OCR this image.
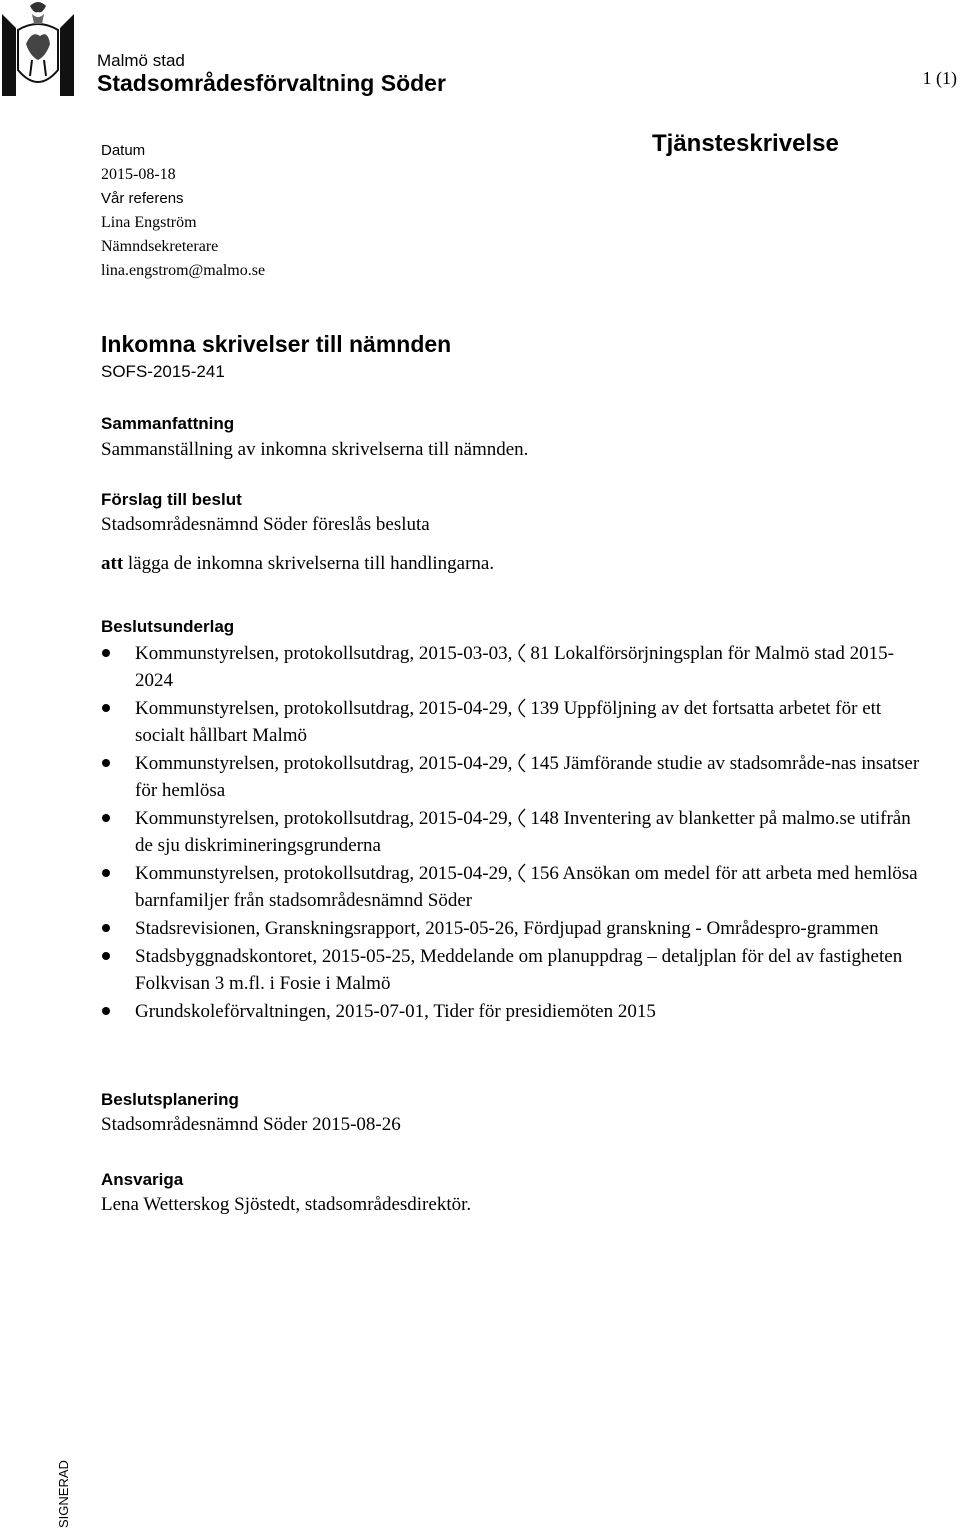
Malmö stad
Stadsområdesförvaltning Söder	1 (1)
Datum
2015-08-18
Vår referens
Lina Engström
Nämndsekreterare
lina.engstrom@malmo.se
Tjänsteskrivelse
Inkomna skrivelser till nämnden
SOFS-2015-241
Sammanfattning
Sammanställning av inkomna skrivelserna till nämnden.
Förslag till beslut
Stadsområdesnämnd Söder föreslås besluta
att lägga de inkomna skrivelserna till handlingarna.
Beslutsunderlag
Kommunstyrelsen, protokollsutdrag, 2015-03-03, 81 Lokalförsörjningsplan för Malmö stad 2015-2024
Kommunstyrelsen, protokollsutdrag, 2015-04-29, 139 Uppföljning av det fortsatta arbetet för ett socialt hållbart Malmö
Kommunstyrelsen, protokollsutdrag, 2015-04-29, 145 Jämförande studie av stadsområde-nas insatser för hemlösa
Kommunstyrelsen, protokollsutdrag, 2015-04-29, 148 Inventering av blanketter på malmo.se utifrån de sju diskrimineringsgrunderna
Kommunstyrelsen, protokollsutdrag, 2015-04-29, 156 Ansökan om medel för att arbeta med hemlösa barnfamiljer från stadsområdesnämnd Söder
Stadsrevisionen, Granskningsrapport, 2015-05-26, Fördjupad granskning - Områdespro-grammen
Stadsbyggnadskontoret, 2015-05-25, Meddelande om planuppdrag – detaljplan för del av fastigheten Folkvisan 3 m.fl. i Fosie i Malmö
Grundskoleförvaltningen, 2015-07-01, Tider för presidiemöten 2015
Beslutsplanering
Stadsområdesnämnd Söder 2015-08-26
Ansvariga
Lena Wetterskog Sjöstedt, stadsområdesdirektör.
SIGNERAD
